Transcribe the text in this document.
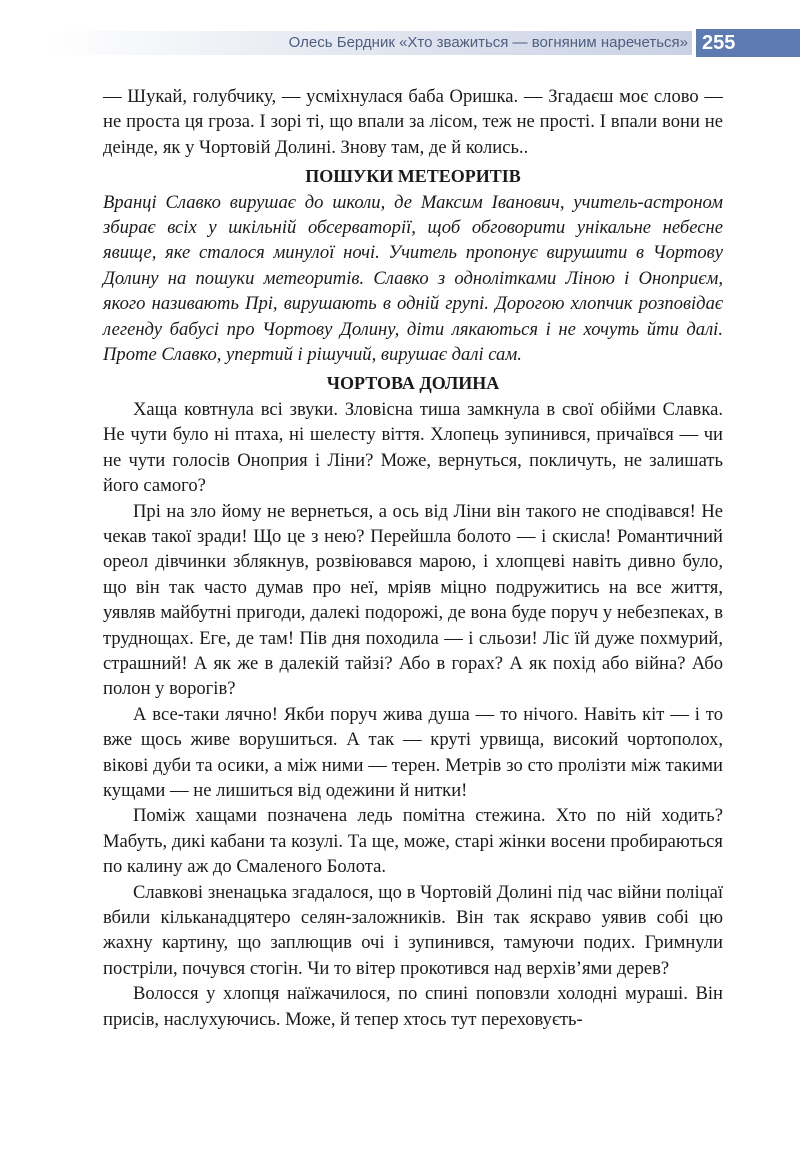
Олесь Бердник «Хто зважиться — вогняним наречеться» 255

— Шукай, голубчику, — усміхнулася баба Оришка. — Згадаєш моє слово — не проста ця гроза. І зорі ті, що впали за лісом, теж не прості. І впали вони не деінде, як у Чортовій Долині. Знову там, де й колись..

ПОШУКИ МЕТЕОРИТІВ

Вранці Славко вирушає до школи, де Максим Іванович, учитель-астроном збирає всіх у шкільній обсерваторії, щоб обговорити унікальне небесне явище, яке сталося минулої ночі. Учитель пропонує вирушити в Чортову Долину на пошуки метеоритів. Славко з однолітками Ліною і Оноприєм, якого називають Прі, вирушають в одній групі. Дорогою хлопчик розповідає легенду бабусі про Чортову Долину, діти лякаються і не хочуть йти далі. Проте Славко, упертий і рішучий, вирушає далі сам.

ЧОРТОВА ДОЛИНА

Хаща ковтнула всі звуки. Зловісна тиша замкнула в свої обійми Славка. Не чути було ні птаха, ні шелесту віття. Хлопець зупинився, причаївся — чи не чути голосів Оноприя і Ліни? Може, вернуться, покличуть, не залишать його самого?

Прі на зло йому не вернеться, а ось від Ліни він такого не сподівався! Не чекав такої зради! Що це з нею? Перейшла болото — і скисла! Романтичний ореол дівчинки зблякнув, розвіювався марою, і хлопцеві навіть дивно було, що він так часто думав про неї, мріяв міцно подружитись на все життя, уявляв майбутні пригоди, далекі подорожі, де вона буде поруч у небезпеках, в труднощах. Еге, де там! Пів дня походила — і сльози! Ліс їй дуже похмурий, страшний! А як же в далекій тайзі? Або в горах? А як похід або війна? Або полон у ворогів?

А все-таки лячно! Якби поруч жива душа — то нічого. Навіть кіт — і то вже щось живе ворушиться. А так — круті урвища, високий чортополох, вікові дуби та осики, а між ними — терен. Метрів зо сто пролізти між такими кущами — не лишиться від одежини й нитки!

Поміж хащами позначена ледь помітна стежина. Хто по ній ходить? Мабуть, дикі кабани та козулі. Та ще, може, старі жінки восени пробираються по калину аж до Смаленого Болота.

Славкові зненацька згадалося, що в Чортовій Долині під час війни поліцаї вбили кільканадцятеро селян-заложників. Він так яскраво уявив собі цю жахну картину, що заплющив очі і зупинився, тамуючи подих. Гримнули постріли, почувся стогін. Чи то вітер прокотився над верхів’ями дерев?

Волосся у хлопця наїжачилося, по спині поповзли холодні мураші. Він присів, наслухуючись. Може, й тепер хтось тут переховуєть-
